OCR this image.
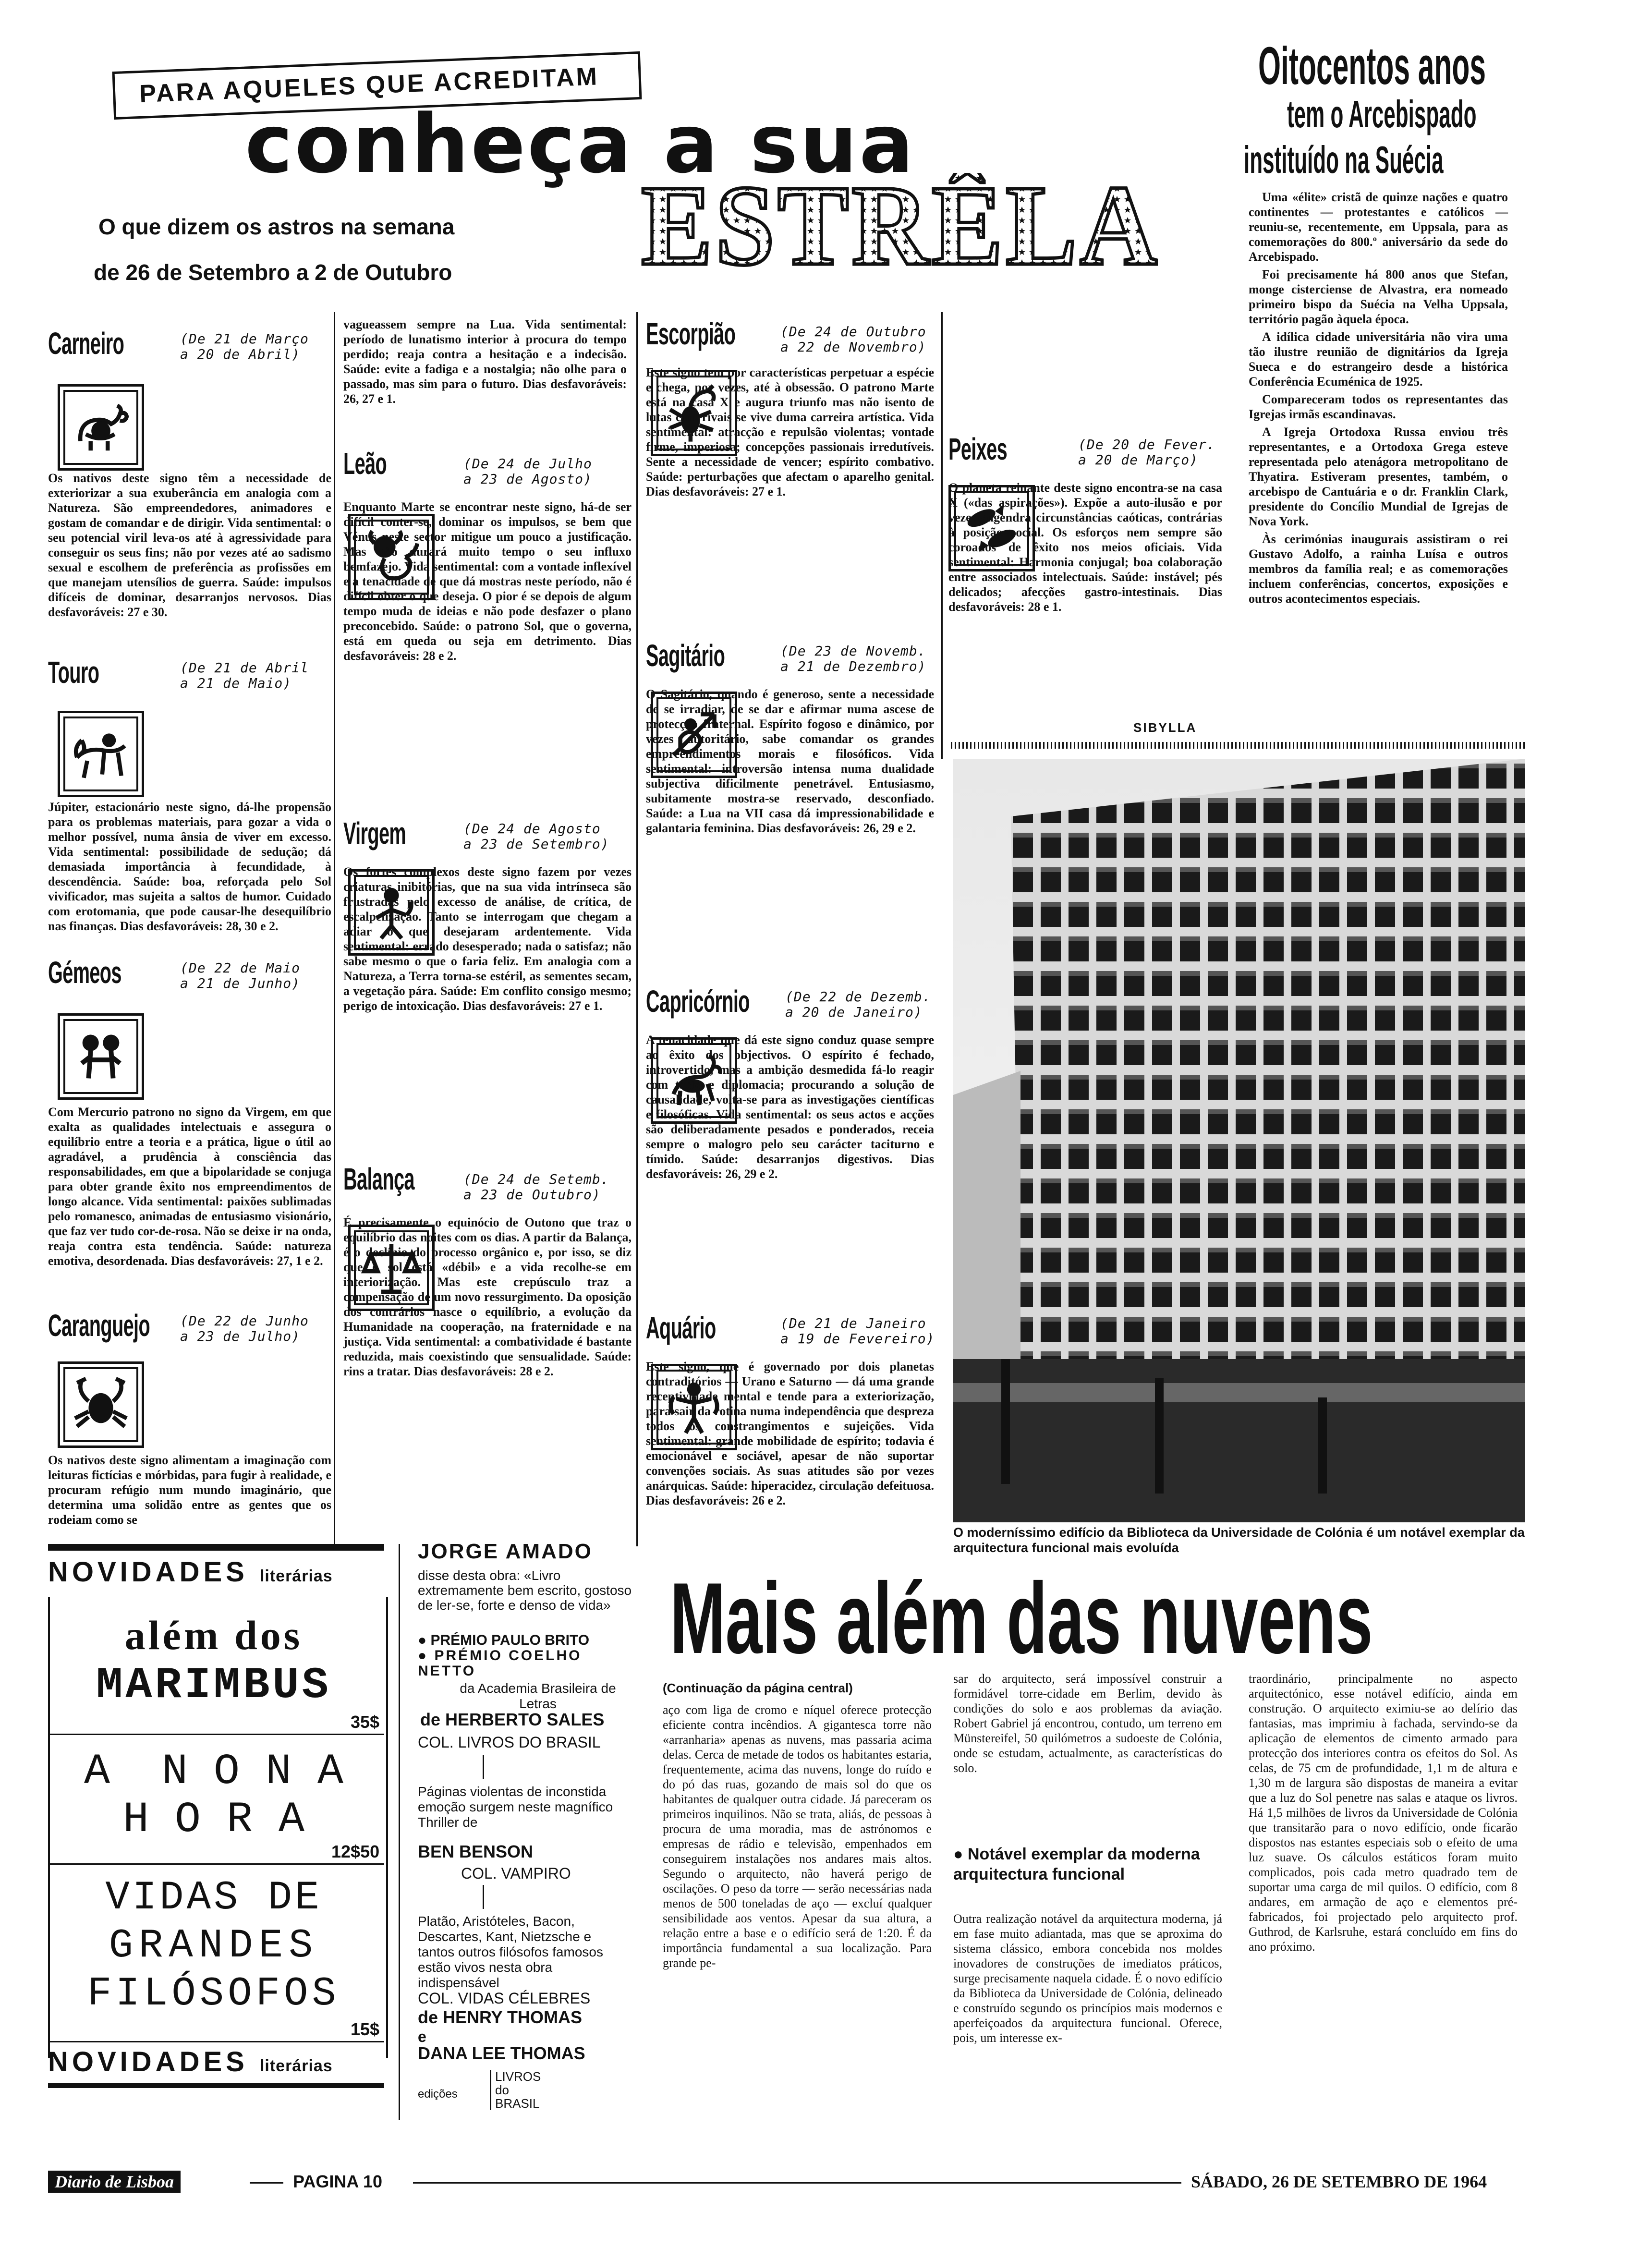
PARA AQUELES QUE ACREDITAM
conheça a sua
O que dizem os astros na semana
de 26 de Setembro a 2 de Outubro ESTRÊLA
Carneiro	(De 21 de Março
a 20 de Abril)
Os nativos deste signo têm a necessidade de exteriorizar a sua exuberância em analogia com a Natureza. São empreendedores, animadores e gostam de comandar e de dirigir. Vida sentimental: o seu potencial viril leva-os até à agressividade para conseguir os seus fins; não por vezes até ao sadismo sexual e escolhem de preferência as profissões em que manejam utensílios de guerra. Saúde: impulsos difíceis de dominar, desarranjos nervosos. Dias desfavoráveis: 27 e 30.
Touro	(De 21 de Abril
a 21 de Maio)
Júpiter, estacionário neste signo, dá-lhe propensão para os problemas materiais, para gozar a vida o melhor possível, numa ânsia de viver em excesso. Vida sentimental: possibilidade de sedução; dá demasiada importância à fecundidade, à descendência. Saúde: boa, reforçada pelo Sol vivificador, mas sujeita a saltos de humor. Cuidado com erotomania, que pode causar-lhe desequilíbrio nas finanças. Dias desfavoráveis: 28, 30 e 2.
Gémeos	(De 22 de Maio
a 21 de Junho)
Com Mercurio patrono no signo da Virgem, em que exalta as qualidades intelectuais e assegura o equilíbrio entre a teoria e a prática, ligue o útil ao agradável, a prudência à consciência das responsabilidades, em que a bipolaridade se conjuga para obter grande êxito nos empreendimentos de longo alcance. Vida sentimental: paixões sublimadas pelo romanesco, animadas de entusiasmo visionário, que faz ver tudo cor-de-rosa. Não se deixe ir na onda, reaja contra esta tendência. Saúde: natureza emotiva, desordenada. Dias desfavoráveis: 27, 1 e 2.
Caranguejo	(De 22 de Junho
a 23 de Julho)
Os nativos deste signo alimentam a imaginação com leituras fictícias e mórbidas, para fugir à realidade, e procuram refúgio num mundo imaginário, que determina uma solidão entre as gentes que os rodeiam como se
vagueassem sempre na Lua. Vida sentimental: período de lunatismo interior à procura do tempo perdido; reaja contra a hesitação e a indecisão. Saúde: evite a fadiga e a nostalgia; não olhe para o passado, mas sim para o futuro. Dias desfavoráveis: 26, 27 e 1.
Leão	(De 24 de Julho
a 23 de Agosto)
Enquanto Marte se encontrar neste signo, há-de ser difícil conter-se, dominar os impulsos, se bem que Vénus neste sector mitigue um pouco a justificação. Mas não durará muito tempo o seu influxo bemfazejo. Vida sentimental: com a vontade inflexível e a tenacidade de que dá mostras neste período, não é difícil obter o que deseja. O pior é se depois de algum tempo muda de ideias e não pode desfazer o plano preconcebido. Saúde: o patrono Sol, que o governa, está em queda ou seja em detrimento. Dias desfavoráveis: 28 e 2.
Virgem	(De 24 de Agosto
a 23 de Setembro)
Os fortes complexos deste signo fazem por vezes criaturas inibitórias, que na sua vida intrínseca são frustradas pelo excesso de análise, de crítica, de escalpelização. Tanto se interrogam que chegam a adiar o que desejaram ardentemente. Vida sentimental: errado desesperado; nada o satisfaz; não sabe mesmo o que o faria feliz. Em analogia com a Natureza, a Terra torna-se estéril, as sementes secam, a vegetação pára. Saúde: Em conflito consigo mesmo; perigo de intoxicação. Dias desfavoráveis: 27 e 1.
Balança	(De 24 de Setemb.
a 23 de Outubro)
É precisamente o equinócio de Outono que traz o equilíbrio das noites com os dias. A partir da Balança, é o declínio do processo orgânico e, por isso, se diz que o sol está «débil» e a vida recolhe-se em interiorização. Mas este crepúsculo traz a compensação de um novo ressurgimento. Da oposição dos contrários nasce o equilíbrio, a evolução da Humanidade na cooperação, na fraternidade e na justiça. Vida sentimental: a combatividade é bastante reduzida, mais coexistindo que sensualidade. Saúde: rins a tratar. Dias desfavoráveis: 28 e 2.
Escorpião	(De 24 de Outubro
a 22 de Novembro)
Este signo tem por características perpetuar a espécie e chega, por vezes, até à obsessão. O patrono Marte está na casa X e augura triunfo mas não isento de lutas com rivais se vive duma carreira artística. Vida sentimental: atracção e repulsão violentas; vontade firme, imperiosa; concepções passionais irredutíveis. Sente a necessidade de vencer; espírito combativo. Saúde: perturbações que afectam o aparelho genital. Dias desfavoráveis: 27 e 1.
Sagitário	(De 23 de Novemb.
a 21 de Dezembro)
O Sagitário, quando é generoso, sente a necessidade de se irradiar, de se dar e afirmar numa ascese de protecção fraternal. Espírito fogoso e dinâmico, por vezes autoritário, sabe comandar os grandes empreendimentos morais e filosóficos. Vida sentimental: introversão intensa numa dualidade subjectiva dificilmente penetrável. Entusiasmo, subitamente mostra-se reservado, desconfiado. Saúde: a Lua na VII casa dá impressionabilidade e galantaria feminina. Dias desfavoráveis: 26, 29 e 2.
Capricórnio	(De 22 de Dezemb.
a 20 de Janeiro)
A tenacidade que dá este signo conduz quase sempre ao êxito dos objectivos. O espírito é fechado, introvertido, mas a ambição desmedida fá-lo reagir com tacto e diplomacia; procurando a solução de causalidade, volta-se para as investigações científicas e filosóficas. Vida sentimental: os seus actos e acções são deliberadamente pesados e ponderados, receia sempre o malogro pelo seu carácter taciturno e tímido. Saúde: desarranjos digestivos. Dias desfavoráveis: 26, 29 e 2.
Aquário	(De 21 de Janeiro
a 19 de Fevereiro)
Este signo, que é governado por dois planetas contraditórios — Urano e Saturno — dá uma grande receptividade mental e tende para a exteriorização, para sair da rotina numa independência que despreza todos os constrangimentos e sujeições. Vida sentimental: grande mobilidade de espírito; todavia é emocionável e sociável, apesar de não suportar convenções sociais. As suas atitudes são por vezes anárquicas. Saúde: hiperacidez, circulação defeituosa. Dias desfavoráveis: 26 e 2.
Peixes	(De 20 de Fever.
a 20 de Março)
O planeta reinante deste signo encontra-se na casa X («das aspirações»). Expõe a auto-ilusão e por vezes engendra circunstâncias caóticas, contrárias à posição social. Os esforços nem sempre são coroados de êxito nos meios oficiais. Vida sentimental: Harmonia conjugal; boa colaboração entre associados intelectuais. Saúde: instável; pés delicados; afecções gastro-intestinais. Dias desfavoráveis: 28 e 1.
SIBYLLA
Oitocentos anos
tem o Arcebispado
instituído na Suécia

Uma «élite» cristã de quinze nações e quatro continentes — protestantes e católicos — reuniu-se, recentemente, em Uppsala, para as comemorações do 800.º aniversário da sede do Arcebispado.

Foi precisamente há 800 anos que Stefan, monge cisterciense de Alvastra, era nomeado primeiro bispo da Suécia na Velha Uppsala, território pagão àquela época.

A idílica cidade universitária não vira uma tão ilustre reunião de dignitários da Igreja Sueca e do estrangeiro desde a histórica Conferência Ecuménica de 1925.

Compareceram todos os representantes das Igrejas irmãs escandinavas.

A Igreja Ortodoxa Russa enviou três representantes, e a Ortodoxa Grega esteve representada pelo atenágora metropolitano de Thyatira. Estiveram presentes, também, o arcebispo de Cantuária e o dr. Franklin Clark, presidente do Concílio Mundial de Igrejas de Nova York.

Às cerimónias inaugurais assistiram o rei Gustavo Adolfo, a rainha Luísa e outros membros da família real; e as comemorações incluem conferências, concertos, exposições e outros acontecimentos especiais.

O moderníssimo edifício da Biblioteca da Universidade de Colónia é um notável exemplar da arquitectura funcional mais evoluída
NOVIDADES literárias
além dos
MARIMBUS
35$
A  N O N A
H O R A
12$50
VIDAS DE
GRANDES
FILÓSOFOS
15$
NOVIDADES literárias
JORGE AMADO
disse desta obra: «Livro extremamente bem escrito, gostoso de ler-se, forte e denso de vida»
● PRÉMIO PAULO BRITO
● PRÉMIO COELHO NETTO
da Academia Brasileira de Letras
de HERBERTO SALES
COL. LIVROS DO BRASIL
Páginas violentas de inconstida emoção surgem neste magnífico Thriller de
BEN BENSON
COL. VAMPIRO
Platão, Aristóteles, Bacon, Descartes, Kant, Nietzsche e tantos outros filósofos famosos estão vivos nesta obra indispensável
COL. VIDAS CÉLEBRES
de HENRY THOMAS
e
DANA LEE THOMAS
edições
LIVROS do BRASIL
Mais além das nuvens
(Continuação da página central)
aço com liga de cromo e níquel oferece protecção eficiente contra incêndios. A gigantesca torre não «arranharia» apenas as nuvens, mas passaria acima delas. Cerca de metade de todos os habitantes estaria, frequentemente, acima das nuvens, longe do ruído e do pó das ruas, gozando de mais sol do que os habitantes de qualquer outra cidade. Já pareceram os primeiros inquilinos. Não se trata, aliás, de pessoas à procura de uma moradia, mas de astrónomos e empresas de rádio e televisão, empenhados em conseguirem instalações nos andares mais altos. Segundo o arquitecto, não haverá perigo de oscilações. O peso da torre — serão necessárias nada menos de 500 toneladas de aço — excluí qualquer sensibilidade aos ventos. Apesar da sua altura, a relação entre a base e o edifício será de 1:20. É da importância fundamental a sua localização. Para grande pe-
sar do arquitecto, será impossível construir a formidável torre-cidade em Berlim, devido às condições do solo e aos problemas da aviação. Robert Gabriel já encontrou, contudo, um terreno em Münstereifel, 50 quilómetros a sudoeste de Colónia, onde se estudam, actualmente, as características do solo.
● Notável exemplar da moderna arquitectura funcional
Outra realização notável da arquitectura moderna, já em fase muito adiantada, mas que se aproxima do sistema clássico, embora concebida nos moldes inovadores de construções de imediatos práticos, surge precisamente naquela cidade. É o novo edifício da Biblioteca da Universidade de Colónia, delineado e construído segundo os princípios mais modernos e aperfeiçoados da arquitectura funcional. Oferece, pois, um interesse ex-
traordinário, principalmente no aspecto arquitectónico, esse notável edifício, ainda em construção. O arquitecto eximiu-se ao delírio das fantasias, mas imprimiu à fachada, servindo-se da aplicação de elementos de cimento armado para protecção dos interiores contra os efeitos do Sol. As celas, de 75 cm de profundidade, 1,1 m de altura e 1,30 m de largura são dispostas de maneira a evitar que a luz do Sol penetre nas salas e ataque os livros. Há 1,5 milhões de livros da Universidade de Colónia que transitarão para o novo edifício, onde ficarão dispostos nas estantes especiais sob o efeito de uma luz suave. Os cálculos estáticos foram muito complicados, pois cada metro quadrado tem de suportar uma carga de mil quilos. O edifício, com 8 andares, em armação de aço e elementos pré-fabricados, foi projectado pelo arquitecto prof. Guthrod, de Karlsruhe, estará concluído em fins do ano próximo.
Diario de Lisboa	PAGINA 10	SÁBADO, 26 DE SETEMBRO DE 1964
